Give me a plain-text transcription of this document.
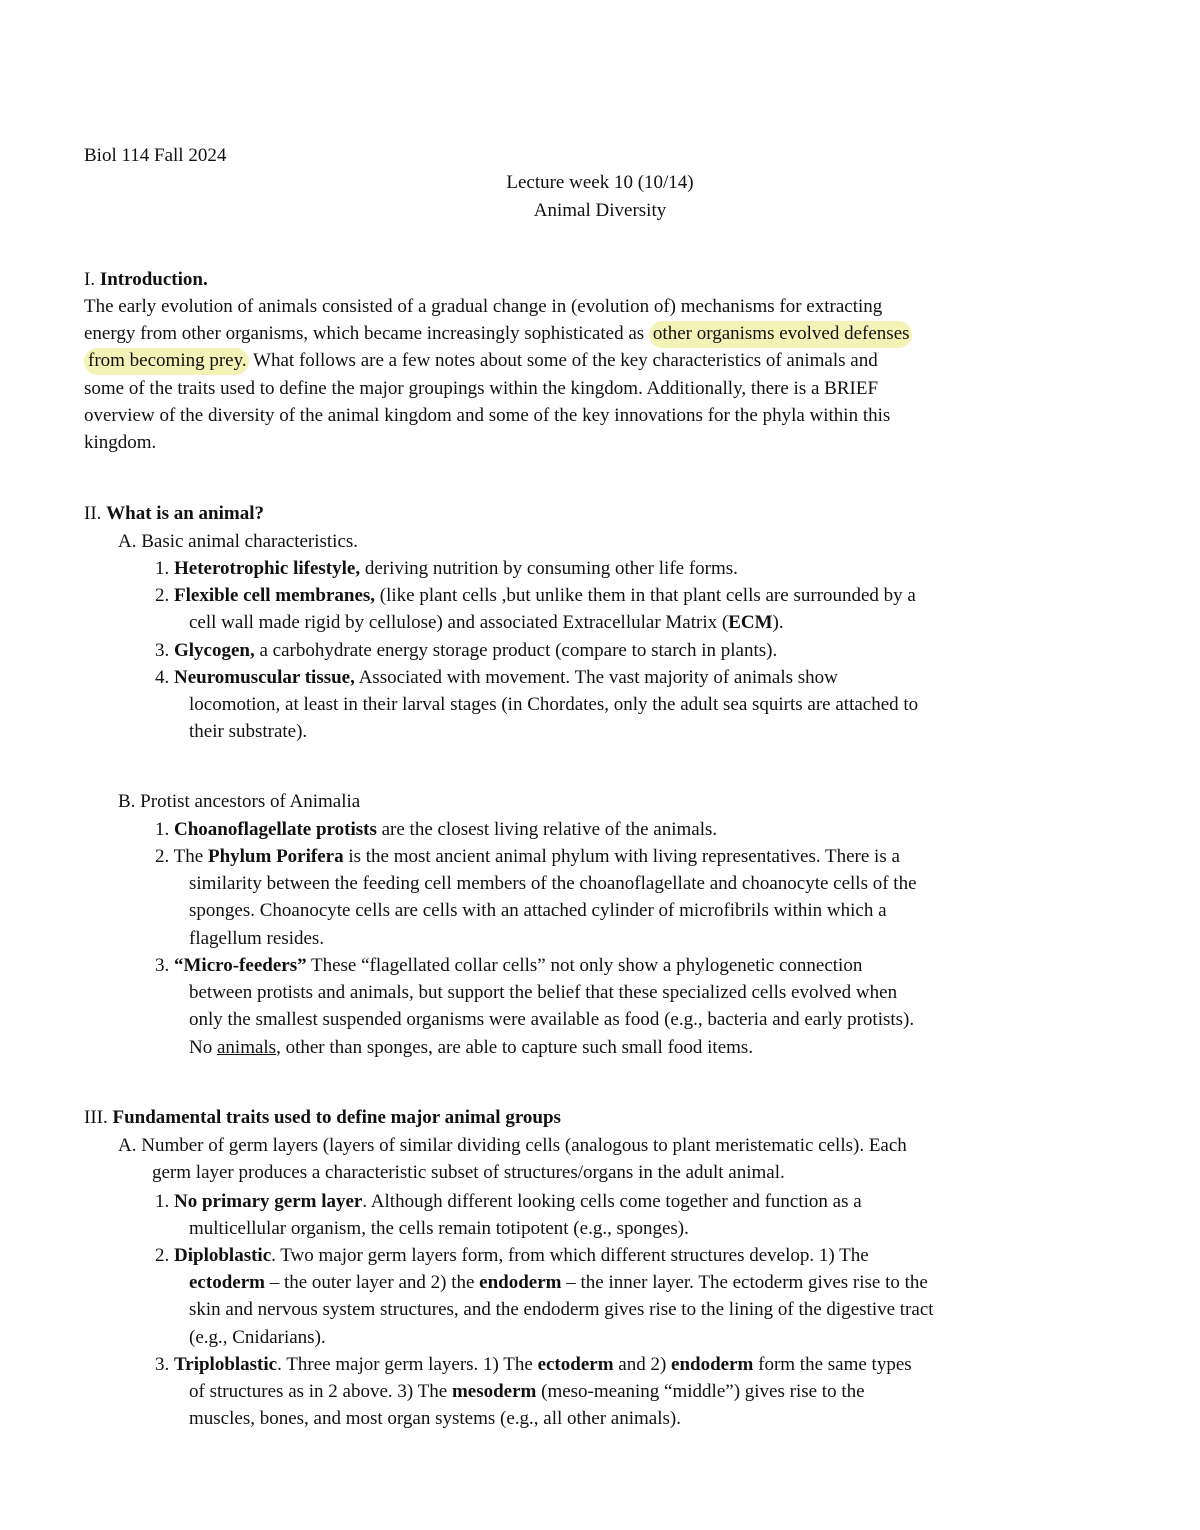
Biol 114 Fall 2024
Lecture week 10 (10/14)
Animal Diversity
I. Introduction.
The early evolution of animals consisted of a gradual change in (evolution of) mechanisms for extracting
energy from other organisms, which became increasingly sophisticated as other organisms evolved defenses
from becoming prey. What follows are a few notes about some of the key characteristics of animals and
some of the traits used to define the major groupings within the kingdom. Additionally, there is a BRIEF
overview of the diversity of the animal kingdom and some of the key innovations for the phyla within this
kingdom.
II. What is an animal?
A. Basic animal characteristics.
1. Heterotrophic lifestyle, deriving nutrition by consuming other life forms.
2. Flexible cell membranes, (like plant cells ,but unlike them in that plant cells are surrounded by a
cell wall made rigid by cellulose) and associated Extracellular Matrix (ECM).
3. Glycogen, a carbohydrate energy storage product (compare to starch in plants).
4. Neuromuscular tissue, Associated with movement. The vast majority of animals show
locomotion, at least in their larval stages (in Chordates, only the adult sea squirts are attached to
their substrate).
B. Protist ancestors of Animalia
1. Choanoflagellate protists are the closest living relative of the animals.
2. The Phylum Porifera is the most ancient animal phylum with living representatives. There is a
similarity between the feeding cell members of the choanoflagellate and choanocyte cells of the
sponges. Choanocyte cells are cells with an attached cylinder of microfibrils within which a
flagellum resides.
3. “Micro-feeders” These “flagellated collar cells” not only show a phylogenetic connection
between protists and animals, but support the belief that these specialized cells evolved when
only the smallest suspended organisms were available as food (e.g., bacteria and early protists).
No animals, other than sponges, are able to capture such small food items.
III. Fundamental traits used to define major animal groups
A. Number of germ layers (layers of similar dividing cells (analogous to plant meristematic cells). Each
germ layer produces a characteristic subset of structures/organs in the adult animal.
1. No primary germ layer. Although different looking cells come together and function as a
multicellular organism, the cells remain totipotent (e.g., sponges).
2. Diploblastic. Two major germ layers form, from which different structures develop. 1) The
ectoderm – the outer layer and 2) the endoderm – the inner layer. The ectoderm gives rise to the
skin and nervous system structures, and the endoderm gives rise to the lining of the digestive tract
(e.g., Cnidarians).
3. Triploblastic. Three major germ layers. 1) The ectoderm and 2) endoderm form the same types
of structures as in 2 above. 3) The mesoderm (meso-meaning “middle”) gives rise to the
muscles, bones, and most organ systems (e.g., all other animals).
